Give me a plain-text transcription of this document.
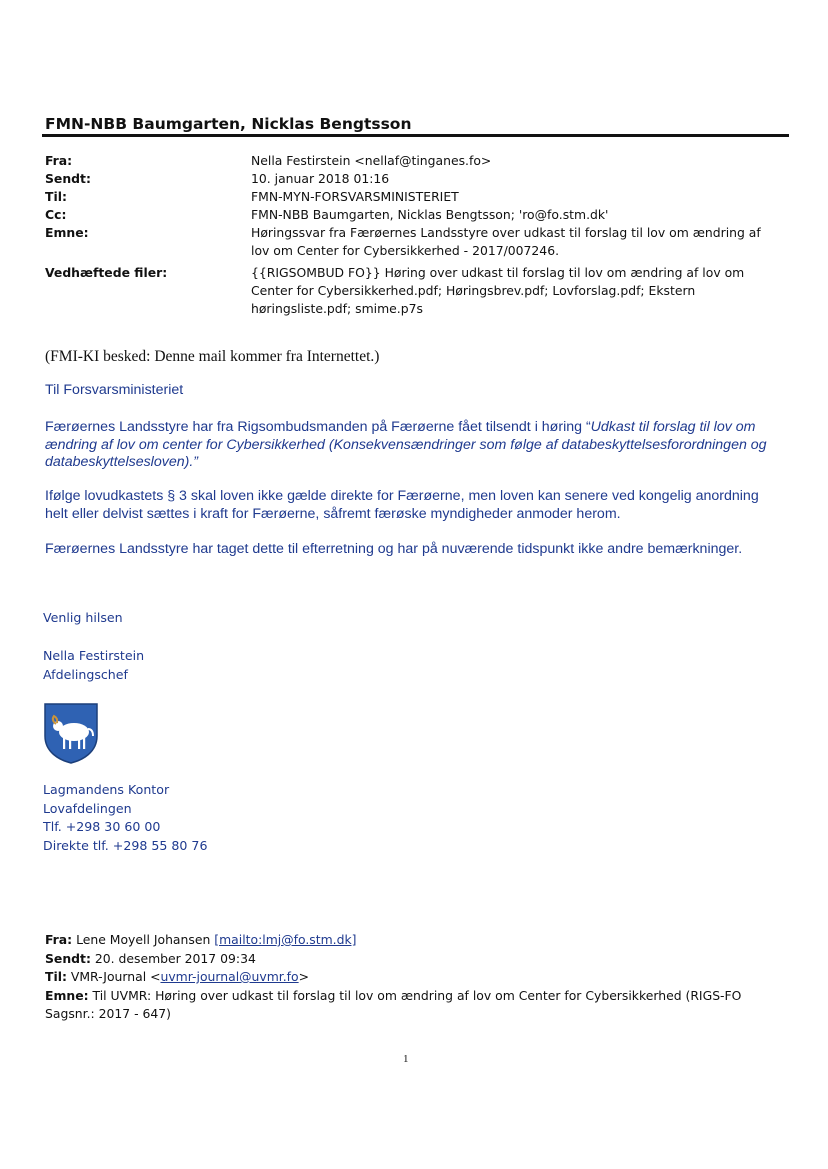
FMN-NBB Baumgarten, Nicklas Bengtsson
Fra:	Nella Festirstein <nellaf@tinganes.fo>
Sendt:	10. januar 2018 01:16
Til:	FMN-MYN-FORSVARSMINISTERIET
Cc:	FMN-NBB Baumgarten, Nicklas Bengtsson; 'ro@fo.stm.dk'
Emne:	Høringssvar fra Færøernes Landsstyre over udkast til forslag til lov om ændring af lov om Center for Cybersikkerhed - 2017/007246.
Vedhæftede filer:	{{RIGSOMBUD FO}} Høring over udkast til forslag til lov om ændring af lov om Center for Cybersikkerhed.pdf; Høringsbrev.pdf; Lovforslag.pdf; Ekstern høringsliste.pdf; smime.p7s
(FMI-KI besked: Denne mail kommer fra Internettet.)
Til Forsvarsministeriet
Færøernes Landsstyre har fra Rigsombudsmanden på Færøerne fået tilsendt i høring “Udkast til forslag til lov om ændring af lov om center for Cybersikkerhed (Konsekvensændringer som følge af databeskyttelsesforordningen og databeskyttelsesloven).”
Ifølge lovudkastets § 3 skal loven ikke gælde direkte for Færøerne, men loven kan senere ved kongelig anordning helt eller delvist sættes i kraft for Færøerne, såfremt færøske myndigheder anmoder herom.
Færøernes Landsstyre har taget dette til efterretning og har på nuværende tidspunkt ikke andre bemærkninger.
Venlig hilsen
Nella Festirstein
Afdelingschef
Lagmandens Kontor
Lovafdelingen
Tlf. +298 30 60 00
Direkte tlf. +298 55 80 76
Fra: Lene Moyell Johansen [mailto:lmj@fo.stm.dk]
Sendt: 20. desember 2017 09:34
Til: VMR-Journal <uvmr-journal@uvmr.fo>
Emne: Til UVMR: Høring over udkast til forslag til lov om ændring af lov om Center for Cybersikkerhed (RIGS-FO Sagsnr.: 2017 - 647)
1
